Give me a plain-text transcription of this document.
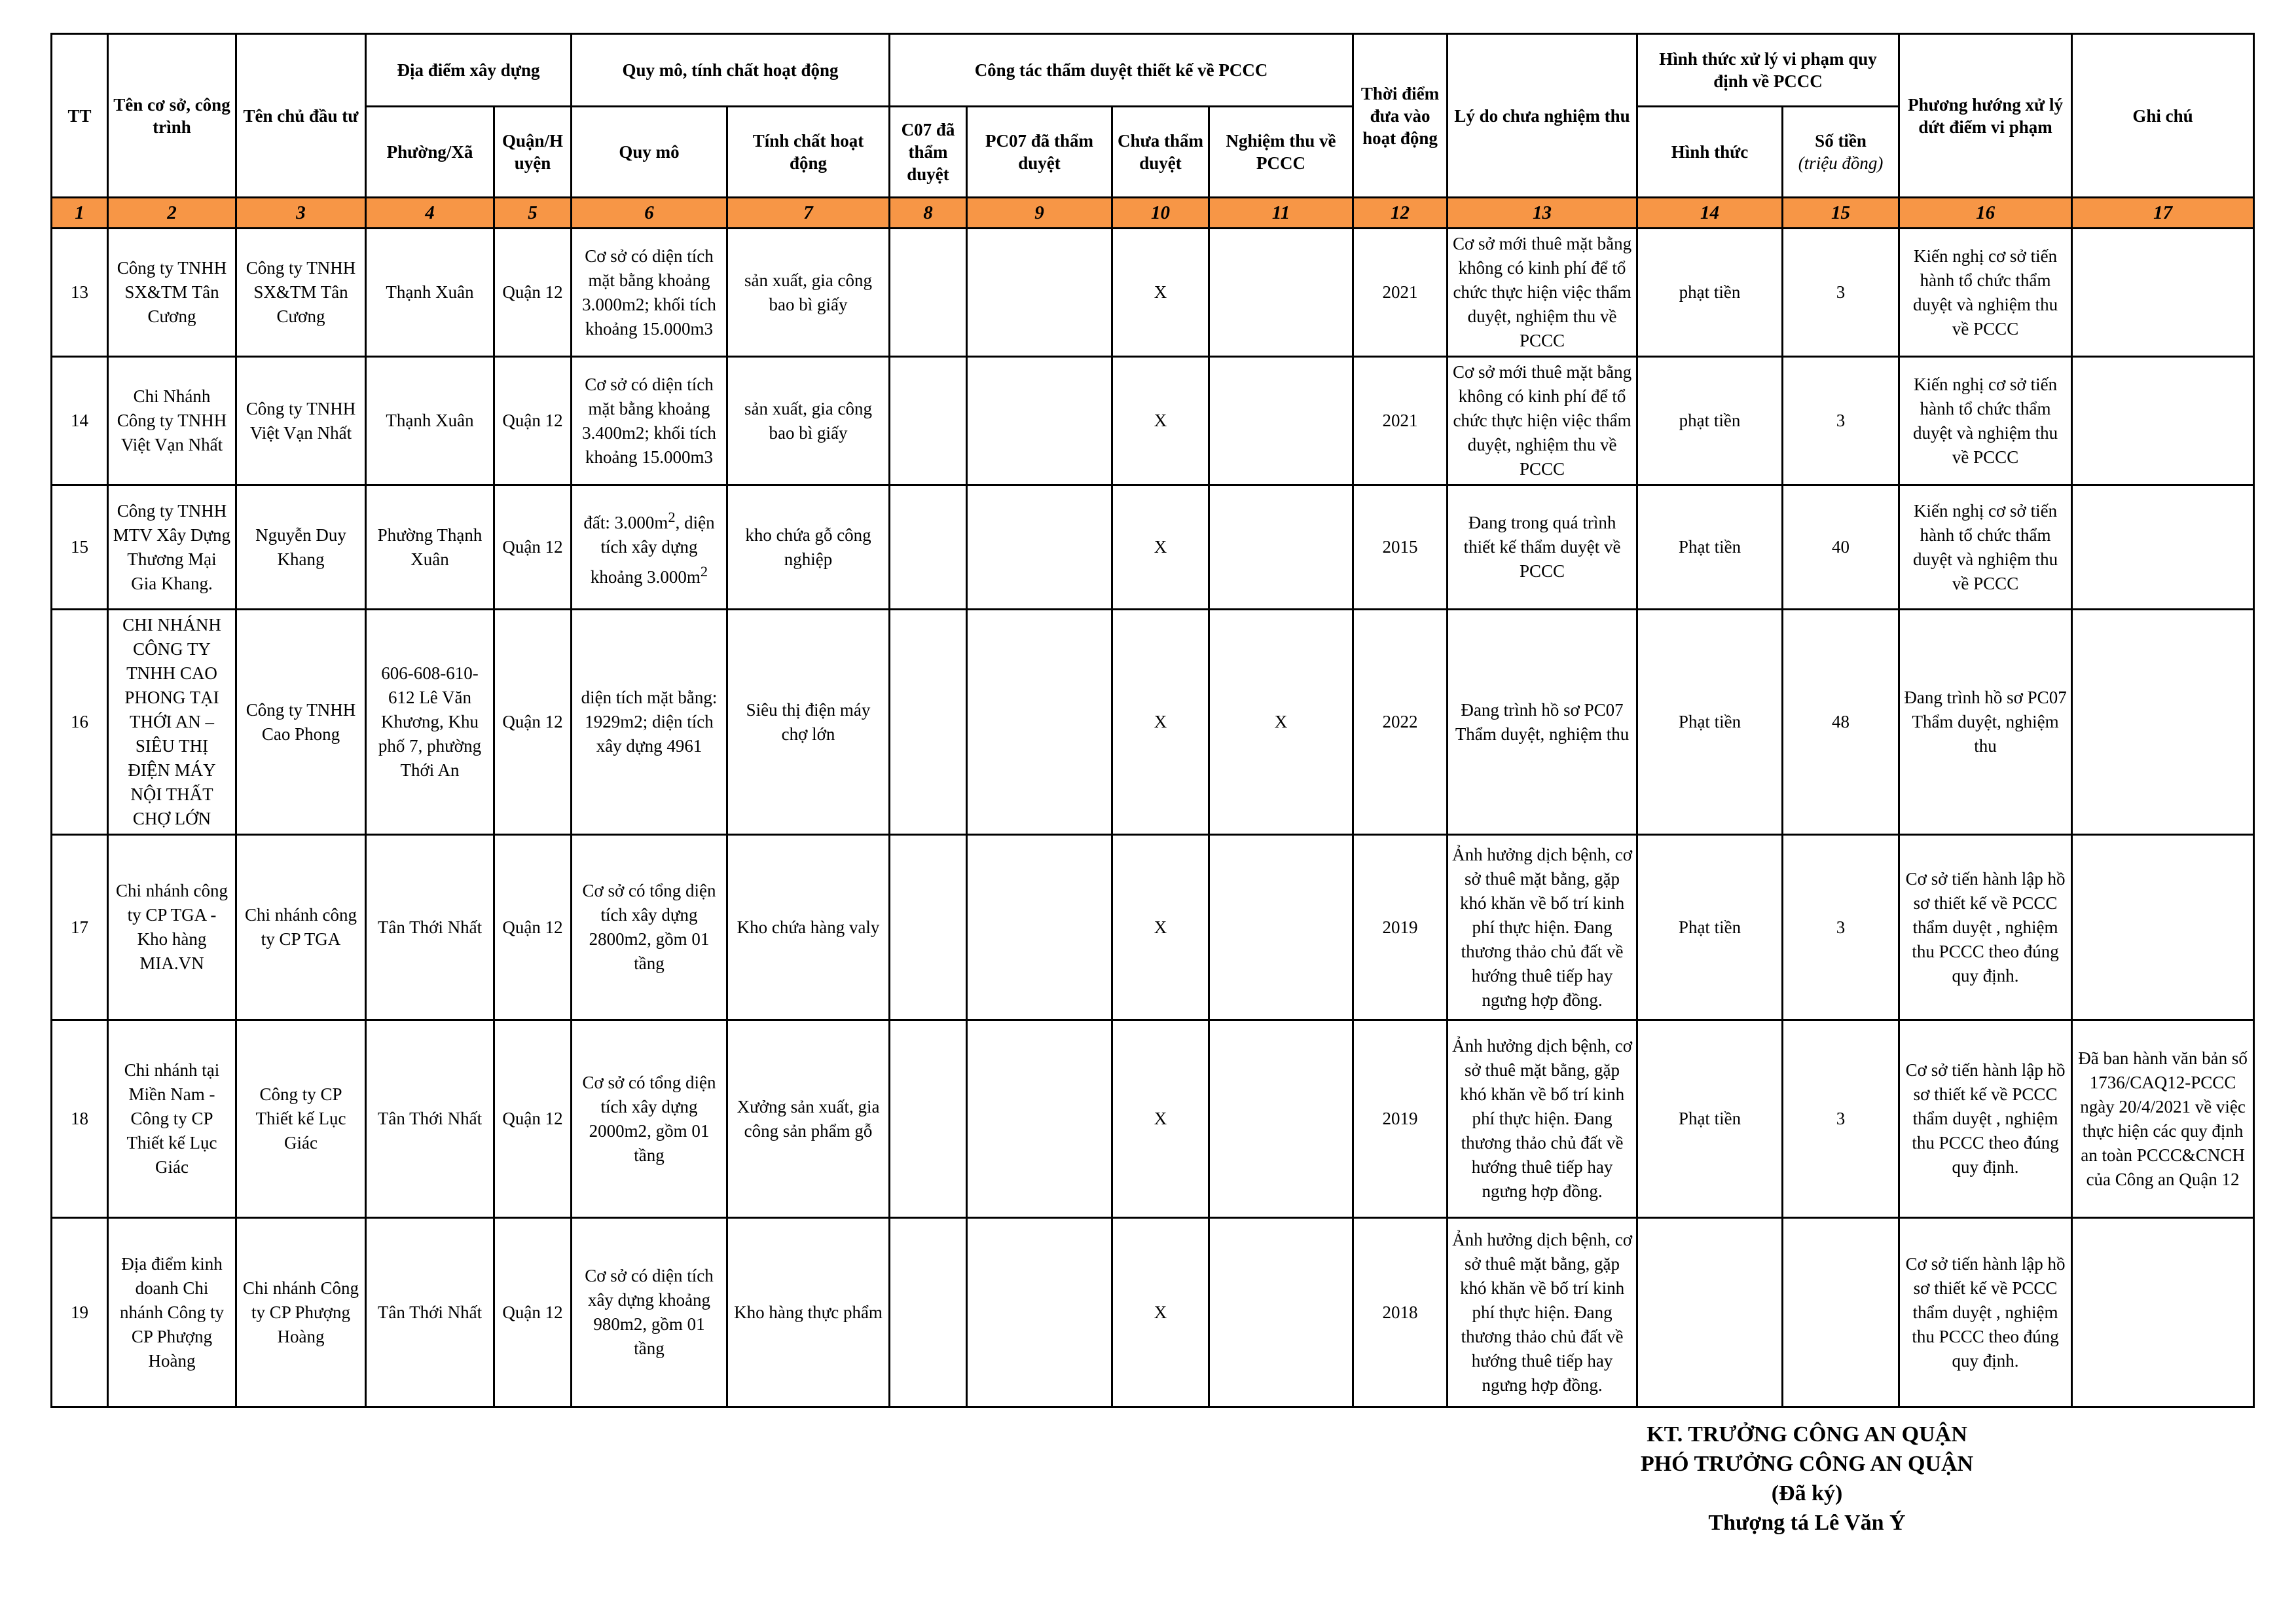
TT	Tên cơ sở, công trình	Tên chủ đầu tư	Địa điểm xây dựng		Quy mô, tính chất hoạt động		Công tác thẩm duyệt thiết kế về PCCC				Thời điểm đưa vào hoạt động	Lý do chưa nghiệm thu	Hình thức xử lý vi phạm quy định về PCCC		Phương hướng xử lý dứt điểm vi phạm	Ghi chú
			Phường/Xã	Quận/H uyện	Quy mô	Tính chất hoạt động	C07 đã thẩm duyệt	PC07 đã thẩm duyệt	Chưa thẩm duyệt	Nghiệm thu về PCCC			Hình thức	Số tiền
(triệu đồng)		
1	2	3	4	5	6	7	8	9	10	11	12	13	14	15	16	17
13	Công ty TNHH SX&TM Tân Cương	Công ty TNHH SX&TM Tân Cương	Thạnh Xuân	Quận 12	Cơ sở có diện tích mặt bằng khoảng 3.000m2; khối tích khoảng 15.000m3	sản xuất, gia công bao bì giấy			X		2021	Cơ sở mới thuê mặt bằng không có kinh phí để tổ chức thực hiện việc thẩm duyệt, nghiệm thu về PCCC	phạt tiền	3	Kiến nghị cơ sở tiến hành tổ chức thẩm duyệt và nghiệm thu về PCCC	
14	Chi Nhánh Công ty TNHH Việt Vạn Nhất	Công ty TNHH Việt Vạn Nhất	Thạnh Xuân	Quận 12	Cơ sở có diện tích mặt bằng khoảng 3.400m2; khối tích khoảng 15.000m3	sản xuất, gia công bao bì giấy			X		2021	Cơ sở mới thuê mặt bằng không có kinh phí để tổ chức thực hiện việc thẩm duyệt, nghiệm thu về PCCC	phạt tiền	3	Kiến nghị cơ sở tiến hành tổ chức thẩm duyệt và nghiệm thu về PCCC	
15	Công ty TNHH MTV Xây Dựng Thương Mại Gia Khang.	Nguyễn Duy Khang	Phường Thạnh Xuân	Quận 12	đất: $3.000m^2$, diện tích xây dựng khoảng $3.000m^2$	kho chứa gỗ công nghiệp			X		2015	Đang trong quá trình thiết kế thẩm duyệt về PCCC	Phạt tiền	40	Kiến nghị cơ sở tiến hành tổ chức thẩm duyệt và nghiệm thu về PCCC	
16	CHI NHÁNH CÔNG TY TNHH CAO PHONG TẠI THỚI AN – SIÊU THỊ ĐIỆN MÁY NỘI THẤT CHỢ LỚN	Công ty TNHH Cao Phong	606-608-610-612 Lê Văn Khương, Khu phố 7, phường Thới An	Quận 12	diện tích mặt bằng: 1929m2; diện tích xây dựng 4961	Siêu thị điện máy chợ lớn			X	X	2022	Đang trình hồ sơ PC07 Thẩm duyệt, nghiệm thu	Phạt tiền	48	Đang trình hồ sơ PC07 Thẩm duyệt, nghiệm thu	
17	Chi nhánh công ty CP TGA - Kho hàng MIA.VN	Chi nhánh công ty CP TGA	Tân Thới Nhất	Quận 12	Cơ sở có tổng diện tích xây dựng 2800m2, gồm 01 tầng	Kho chứa hàng valy			X		2019	Ảnh hưởng dịch bệnh, cơ sở thuê mặt bằng, gặp khó khăn về bố trí kinh phí thực hiện. Đang thương thảo chủ đất về hướng thuê tiếp hay ngưng hợp đồng.	Phạt tiền	3	Cơ sở tiến hành lập hồ sơ thiết kế về PCCC thẩm duyệt , nghiệm thu PCCC theo đúng quy định.	
18	Chi nhánh tại Miền Nam - Công ty CP Thiết kế Lục Giác	Công ty CP Thiết kế Lục Giác	Tân Thới Nhất	Quận 12	Cơ sở có tổng diện tích xây dựng 2000m2, gồm 01 tầng	Xưởng sản xuất, gia công sản phẩm gỗ			X		2019	Ảnh hưởng dịch bệnh, cơ sở thuê mặt bằng, gặp khó khăn về bố trí kinh phí thực hiện. Đang thương thảo chủ đất về hướng thuê tiếp hay ngưng hợp đồng.	Phạt tiền	3	Cơ sở tiến hành lập hồ sơ thiết kế về PCCC thẩm duyệt , nghiệm thu PCCC theo đúng quy định.	Đã ban hành văn bản số 1736/CAQ12-PCCC ngày 20/4/2021 về việc thực hiện các quy định an toàn PCCC&CNCH của Công an Quận 12
19	Địa điểm kinh doanh Chi nhánh Công ty CP Phượng Hoàng	Chi nhánh Công ty CP Phượng Hoàng	Tân Thới Nhất	Quận 12	Cơ sở có diện tích xây dựng khoảng 980m2, gồm 01 tầng	Kho hàng thực phẩm			X		2018	Ảnh hưởng dịch bệnh, cơ sở thuê mặt bằng, gặp khó khăn về bố trí kinh phí thực hiện. Đang thương thảo chủ đất về hướng thuê tiếp hay ngưng hợp đồng.			Cơ sở tiến hành lập hồ sơ thiết kế về PCCC thẩm duyệt , nghiệm thu PCCC theo đúng quy định.	
KT. TRƯỞNG CÔNG AN QUẬN
PHÓ TRƯỞNG CÔNG AN QUẬN
(Đã ký)
Thượng tá Lê Văn Ý
